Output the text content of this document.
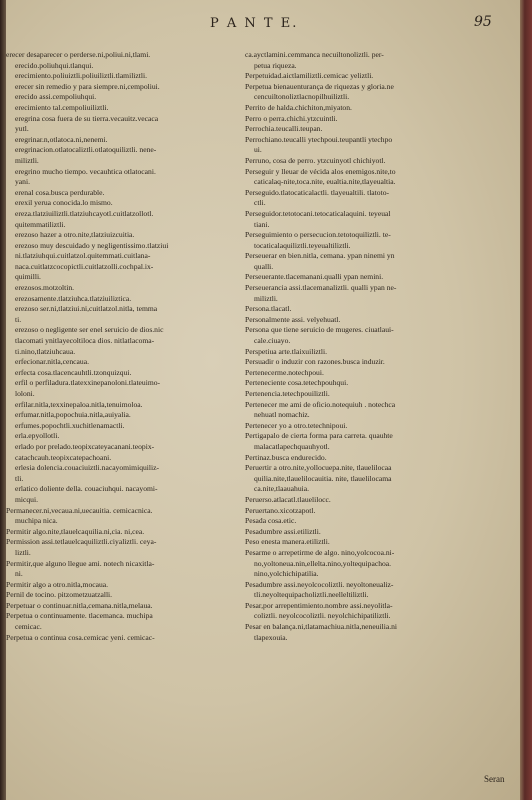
P A N T E.	95
erecer desaparecer o perderse.ni,poliui.ni,tlami.
erecido.poliuhqui.tlanqui.
erecimiento.poliuiztli.poliuiliztli.tlamiliztli.
erecer sin remedio y para siempre.ni,cempoliui.
erecido assi.cempoliuhqui.
erecimiento tal.cempoliuiliztli.
eregrina cosa fuera de su tierra.vecauitz.vecaca
yutl.
eregrinar.n,otlatoca.ni,nenemi.
eregrinacion.otlatocaliztli.otlatoquiliztli. nene-
miliztli.
eregrino mucho tiempo. vecauhtica otlatocani.
yani.
erenal cosa.busca perdurable.
erexil yerua conocida.lo mismo.
ereza.tlatziuiliztli.tlatziuhcayotl.cuitlatzollotl.
quitemmatiliztli.
erezoso hazer a otro.nite,tlatziuizcuitia.
erezoso muy descuidado y negligentissimo.tlatziui
ni.tlatziuhqui.cuitlatzol.quitemmati.cuitlana-
naca.cuitlatzcocopictli.cuitlatzolli.cochpal.ix-
quimilli.
erezosos.motzoltin.
erezosamente.tlatziuhca.tlatziuiliztica.
erezoso ser.ni,tlatziui.ni,cuitlatzol.nitla, temma
ti.
erezoso o negligente ser enel seruicio de dios.nic
tlacomati ynitlayecoltiloca dios. nitlatlacoma-
ti.nino,tlatziuhcaua.
erfecionar.nitla,cencaua.
erfecta cosa.tlacencauhtli.tzonquizqui.
erfil o perfiladura.tlatexxinepanoloni.tlateuimo-
loloni.
erfilar.nitla,texxinepaloa.nitla,tenuimoloa.
erfumar.nitla,popochuia.nitla,auiyalia.
erfumes.popochtli.xuchitlenamactli.
erla.epyollotli.
erlado por prelado.teopixcateyacanani.teopix-
catachcauh.teopixcatepachoani.
erlesia dolencia.couaciuiztli.nacayomimiquiliz-
tli.
erlatico doliente della. couaciuhqui. nacayomi-
micqui.
Permanecer.ni,vecaua.ni,uecauitia. cemicacnica.
muchipa nica.
Permitir algo.nite,tlauelcaquilia.ni,cia. ni,cea.
Permission assi.tetlauelcaquiliztli.ciyaliztli. ceya-
liztli.
Permitir,que alguno llegue ami. notech nicaxitla-
ni.
Permitir algo a otro.nitla,mocaua.
Pernil de tocino. pitzometzuatzalli.
Perpetuar o continuar.nitla,cemana.nitla,melaua.
Perpetua o continuamente. tlacemanca. muchipa
cemicac.
Perpetua o continua cosa.cemicac yeni. cemicac-
ca.ayctlamini.cemmanca necuiltonoliztli. per-
petua riqueza.
Perpetuidad.aictlamiliztli.cemicac yeliztli.
Perpetua bienauenturança de riquezas y gloria.ne
cencuiltonoliztlacnopilhuiliztli.
Perrito de halda.chichiton,miyaton.
Perro o perra.chichi.ytzcuintli.
Perrochia.teucalli.teupan.
Perrochiano.teucalli ytechpoui.teupantli ytechpo
ui.
Perruno, cosa de perro. ytzcuinyotl chichiyotl.
Perseguir y lleuar de vécida alos enemigos.nite,to
caticalaq-nite,toca.nite, eualtia.nite,tlayeualtia.
Perseguido.tlatocaticalactli. tlayeualtili. tlatoto-
ctli.
Perseguidor.tetotocani.tetocaticalaquini. teyeual
tiani.
Perseguimiento o persecucion.tetotoquiliztli. te-
tocaticalaquiliztli.teyeualtiliztli.
Perseuerar en bien.nitla, cemana. ypan ninemi yn
qualli.
Perseuerante.tlacemanani.qualli ypan nemini.
Perseuerancia assi.tlacemanaliztli. qualli ypan ne-
miliztli.
Persona.tlacatl.
Personalmente assi. velyehuatl.
Persona que tiene seruicio de mugeres. ciuatlaui-
cale.ciuayo.
Perspetiua arte.tlaixuiliztli.
Persuadir o induzir con razones.busca induzir.
Pertenecerme.notechpoui.
Perteneciente cosa.tetechpouhqui.
Pertenencia.tetechpouiliztli.
Pertenecer me ami de oficio.notequiuh . notechca
nehuatl nomachiz.
Pertenecer yo a otro.tetechnipoui.
Pertigapalo de cierta forma para carreta. quauhte
malacatlapechquauhyotl.
Pertinaz.busca endurecido.
Peruertir a otro.nite,yollocuepa.nite, tlauelilocaa
quilia.nite,tlauelilocauitia. nite, tlauelilocama
ca.nite,tlaauahuia.
Peruerso.atlacatl.tlauelilocc.
Peruertano.xicotzapotl.
Pesada cosa.etic.
Pesadumbre assi.etiliztli.
Peso enesta manera.etiliztli.
Pesarme o arrepetirme de algo. nino,yolcocoa.ni-
no,yoltoneua.nin,ellelta.nino,yoltequipachoa.
nino,yolchichipatilia.
Pesadumbre assi.neyolcocoliztli. neyoltoneualiz-
tli.neyoltequipacholiztli.neelleltiliztli.
Pesar,por arrepentimiento.nombre assi.neyolitla-
coliztli. neyolcocoliztli. neyolchichipatiliztli.
Pesar en balança.ni,tlatamachiua.nitla,neneuilia.ni
tlapexouia.
Seran
